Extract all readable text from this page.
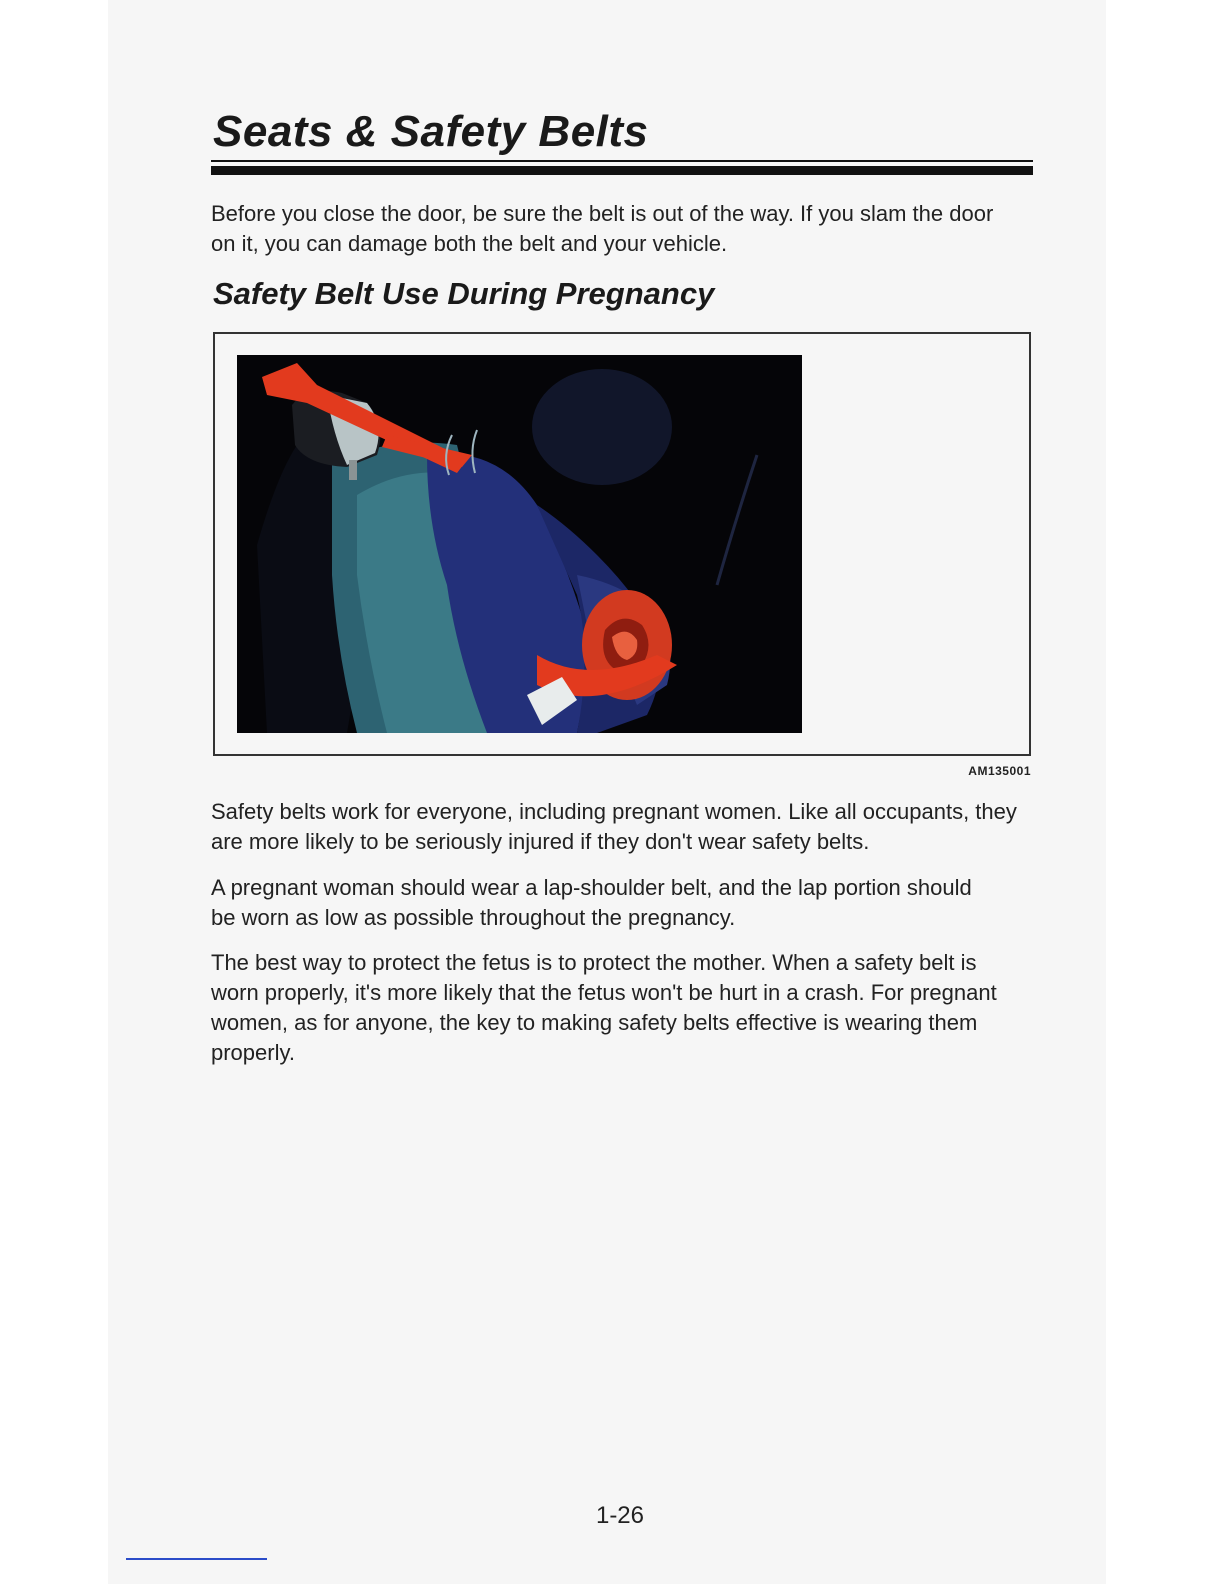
Seats & Safety Belts

Before you close the door, be sure the belt is out of the way. If you slam the door on it, you can damage both the belt and your vehicle.

Safety Belt Use During Pregnancy
AM135001

Safety belts work for everyone, including pregnant women. Like all occupants, they are more likely to be seriously injured if they don't wear safety belts.

A pregnant woman should wear a lap-shoulder belt, and the lap portion should be worn as low as possible throughout the pregnancy.

The best way to protect the fetus is to protect the mother. When a safety belt is worn properly, it's more likely that the fetus won't be hurt in a crash. For pregnant women, as for anyone, the key to making safety belts effective is wearing them properly.

1-26
